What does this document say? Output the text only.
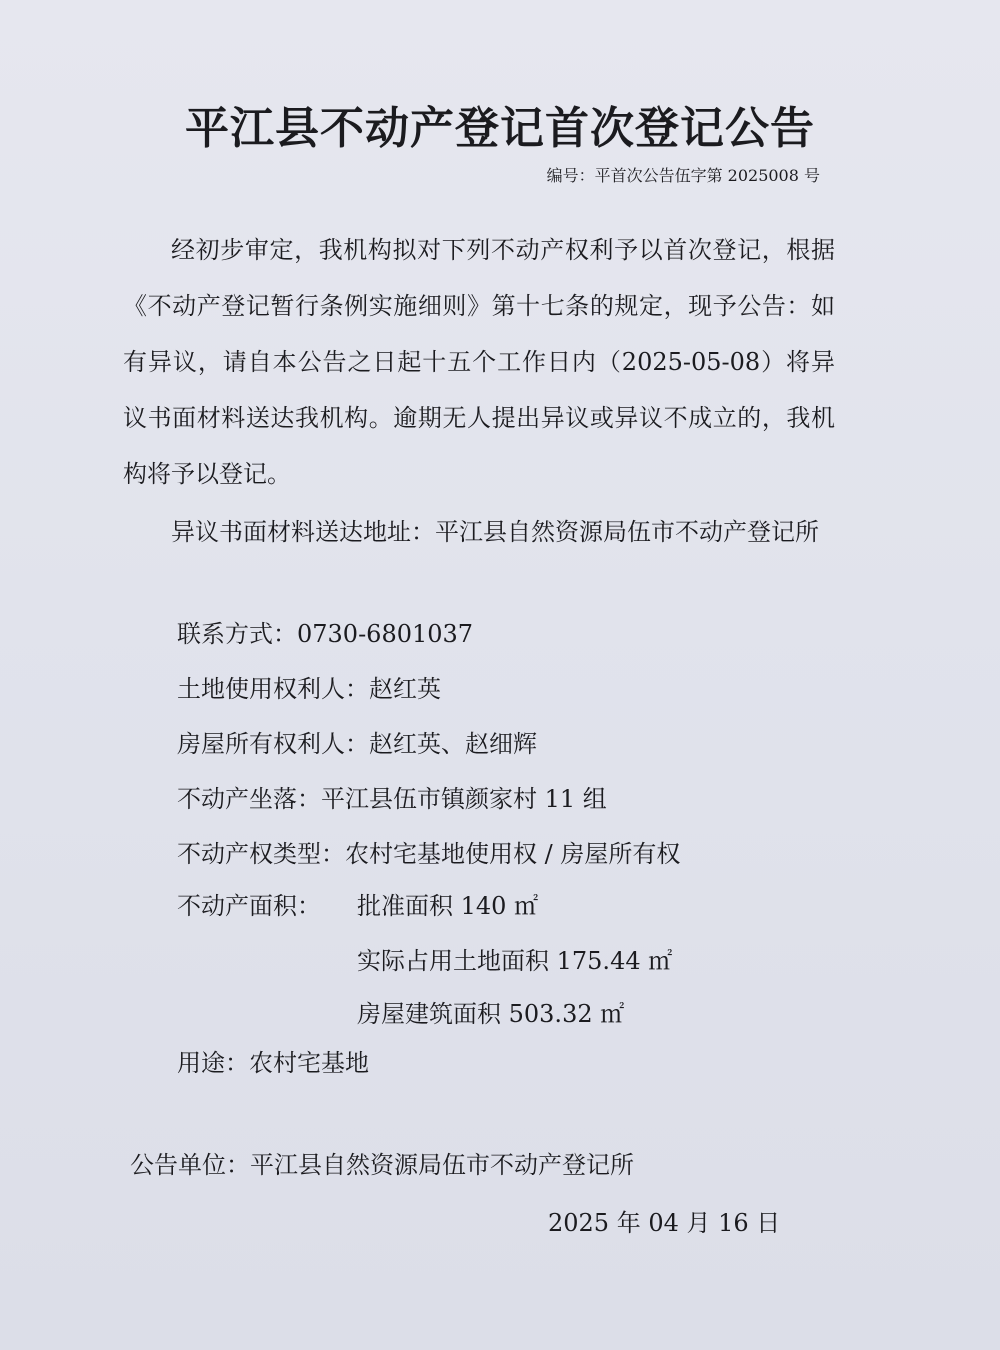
平江县不动产登记首次登记公告
编号：平首次公告伍字第 2025008 号

经初步审定，我机构拟对下列不动产权利予以首次登记，根据《不动产登记暂行条例实施细则》第十七条的规定，现予公告：如有异议，请自本公告之日起十五个工作日内（2025-05-08）将异议书面材料送达我机构。逾期无人提出异议或异议不成立的，我机构将予以登记。

异议书面材料送达地址：平江县自然资源局伍市不动产登记所

联系方式：0730-6801037
土地使用权利人：赵红英
房屋所有权利人：赵红英、赵细辉
不动产坐落：平江县伍市镇颜家村 11 组
不动产权类型：农村宅基地使用权 / 房屋所有权
不动产面积： 批准面积 140 ㎡
实际占用土地面积 175.44 ㎡
房屋建筑面积 503.32 ㎡
用途：农村宅基地
公告单位：平江县自然资源局伍市不动产登记所
2025 年 04 月 16 日
